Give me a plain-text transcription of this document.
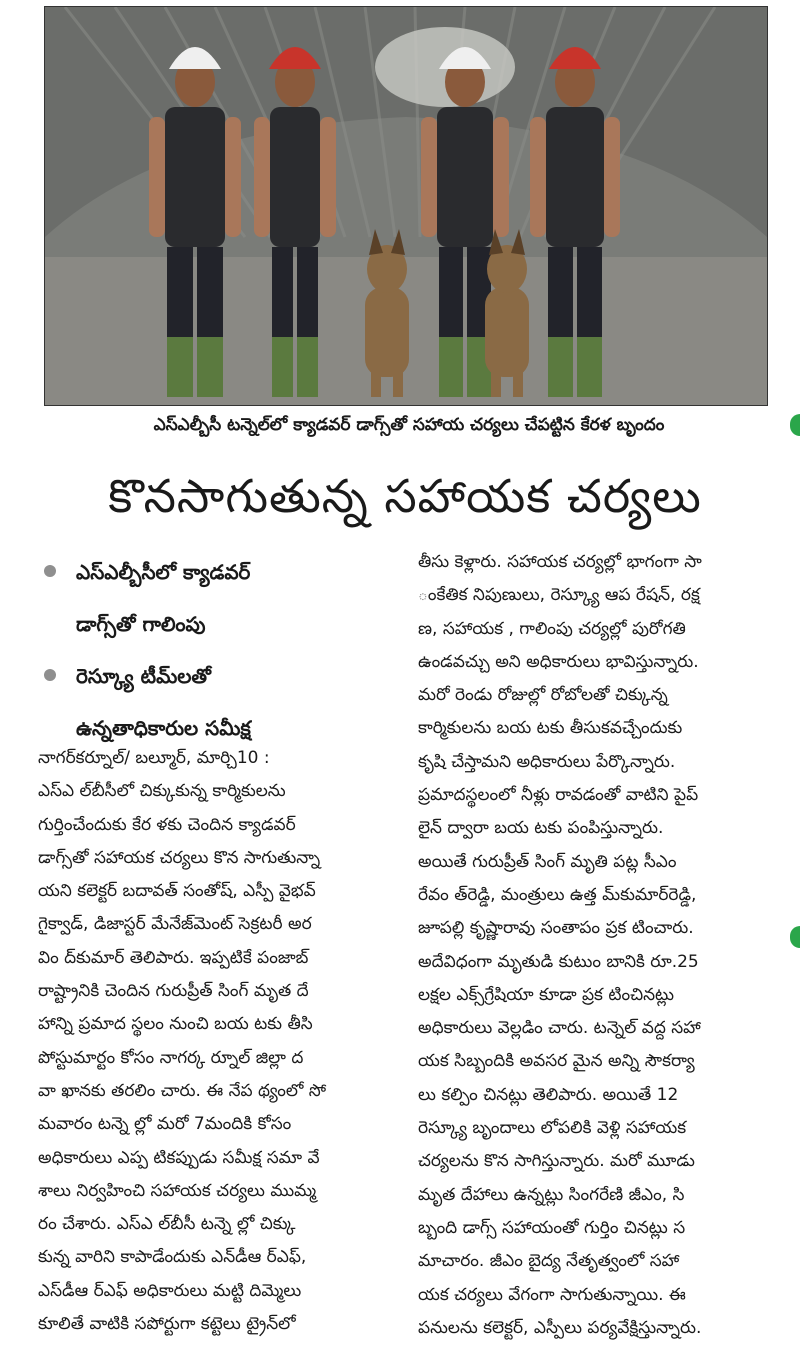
ఎస్ఎల్బీసీ టన్నెల్‌లో క్యాడవర్ డాగ్స్‌తో సహాయ చర్యలు చేపట్టిన కేరళ బృందం
కొనసాగుతున్న సహాయక చర్యలు
ఎస్ఎల్బీసీలో క్యాడవర్
డాగ్స్‌తో గాలింపు
రెస్క్యూ టీమ్‌లతో
ఉన్నతాధికారుల సమీక్ష
నాగర్‌కర్నూల్/ బల్మూర్, మార్చి10 :
ఎస్ఎ ల్‌బీసీలో చిక్కుకున్న కార్మికులను
గుర్తించేందుకు కేర ళకు చెందిన క్యాడవర్
డాగ్స్‌తో సహాయక చర్యలు కొన సాగుతున్నా
యని కలెక్టర్ బదావత్ సంతోష్, ఎస్పీ వైభవ్
గైక్వాడ్, డిజాస్టర్ మేనేజ్‌మెంట్ సెక్రటరీ అర
విం ద్‌కుమార్ తెలిపారు. ఇప్పటికే పంజాబ్
రాష్ట్రానికి చెందిన గురుప్రీత్ సింగ్ మృత దే
హాన్ని ప్రమాద స్థలం నుంచి బయ టకు తీసి
పోస్టుమార్టం కోసం నాగర్క ర్నూల్ జిల్లా ద
వా ఖానకు తరలిం చారు. ఈ నేప థ్యంలో సో
మవారం టన్నె ల్లో మరో 7మందికి కోసం
అధికారులు ఎప్ప టికప్పుడు సమీక్ష సమా వే
శాలు నిర్వహించి సహాయక చర్యలు ముమ్మ
రం చేశారు. ఎస్ఎ ల్‌బీసీ టన్నె ల్లో చిక్కు
కున్న వారిని కాపాడేందుకు ఎన్‌డీఆ ర్‌ఎఫ్,
ఎస్‌డీఆ ర్‌ఎఫ్ అధికారులు మట్టి దిమ్మెలు
కూలితే వాటికి సపోర్టుగా కట్టెలు ట్రైన్‌లో
తీసు కెళ్లారు. సహాయక చర్యల్లో భాగంగా సా
ంకేతిక నిపుణులు, రెస్క్యూ ఆప రేషన్, రక్ష
ణ, సహాయక , గాలింపు చర్యల్లో పురోగతి
ఉండవచ్చు అని అధికారులు భావిస్తున్నారు.
మరో రెండు రోజుల్లో రోబోలతో చిక్కున్న
కార్మికులను బయ టకు తీసుకవచ్చేందుకు
కృషి చేస్తామని అధికారులు పేర్కొన్నారు.
ప్రమాదస్థలంలో నీళ్లు రావడంతో వాటిని పైప్
లైన్ ద్వారా బయ టకు పంపిస్తున్నారు.
అయితే గురుప్రీత్ సింగ్ మృతి పట్ల సీఎం
రేవం త్‌రెడ్డి, మంత్రులు ఉత్త మ్‌కుమార్‌రెడ్డి,
జూపల్లి కృష్ణారావు సంతాపం ప్రక టించారు.
అదేవిధంగా మృతుడి కుటుం బానికి రూ.25
లక్షల ఎక్స్‌గ్రేషియా కూడా ప్రక టించినట్లు
అధికారులు వెల్లడిం చారు. టన్నెల్ వద్ద సహా
యక సిబ్బందికి అవసర మైన అన్ని సౌకర్యా
లు కల్పిం చినట్లు తెలిపారు. అయితే 12
రెస్క్యూ బృందాలు లోపలికి వెళ్లి సహాయక
చర్యలను కొన సాగిస్తున్నారు. మరో మూడు
మృత దేహాలు ఉన్నట్లు సింగరేణి జీఎం, సి
బ్బంది డాగ్స్ సహాయంతో గుర్తిం చినట్లు స
మాచారం. జీఎం బైద్య నేతృత్వంలో సహా
యక చర్యలు వేగంగా సాగుతున్నాయి. ఈ
పనులను కలెక్టర్, ఎస్పీలు పర్యవేక్షిస్తున్నారు.
